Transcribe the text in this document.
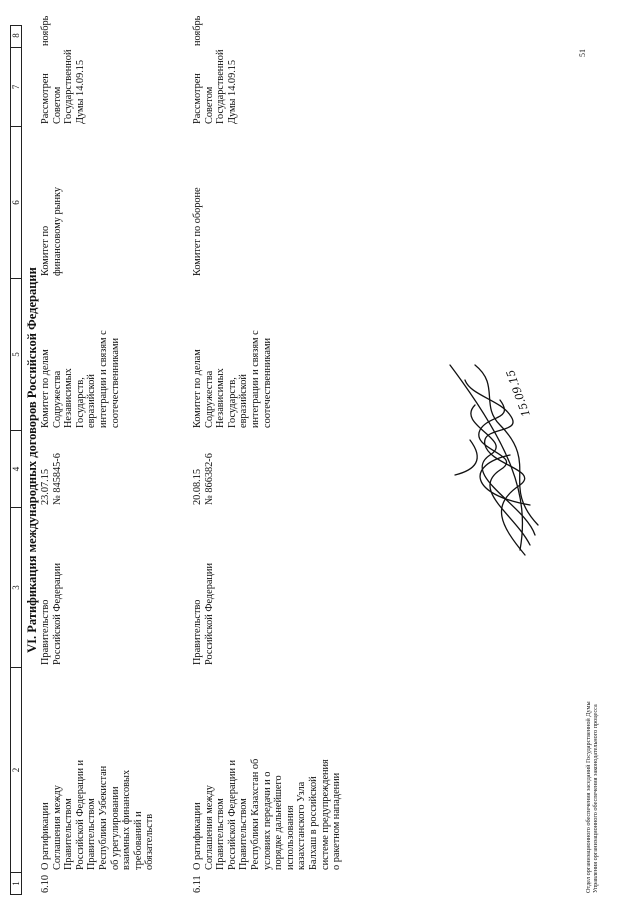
1
2
3
4
5
6
7
8
VI. Ратификация международных договоров Российской Федерации
6.10
О ратификации
Соглашения между
Правительством
Российской Федерации и
Правительством
Республики Узбекистан
об урегулировании
взаимных финансовых
требований и
обязательств
Правительство
Российской Федерации
23.07.15
№ 845845-6
Комитет по делам
Содружества
Независимых
Государств,
евразийской
интеграции и связям с
соотечественниками
Комитет по
финансовому рынку
Рассмотрен
Советом
Государственной
Думы 14.09.15
ноябрь
6.11
О ратификации
Соглашения между
Правительством
Российской Федерации и
Правительством
Республики Казахстан об
условиях передачи и о
порядке дальнейшего
использования
казахстанского Узла
Балхаш в российской
системе предупреждения
о ракетном нападении
Правительство
Российской Федерации
20.08.15
№ 866382-6
Комитет по делам
Содружества
Независимых
Государств,
евразийской
интеграции и связям с
соотечественниками
Комитет по обороне
Рассмотрен
Советом
Государственной
Думы 14.09.15
ноябрь
15.09.15
Отдел организационного обеспечения заседаний Государственной Думы Управления организационного обеспечения законодательного процесса
51
